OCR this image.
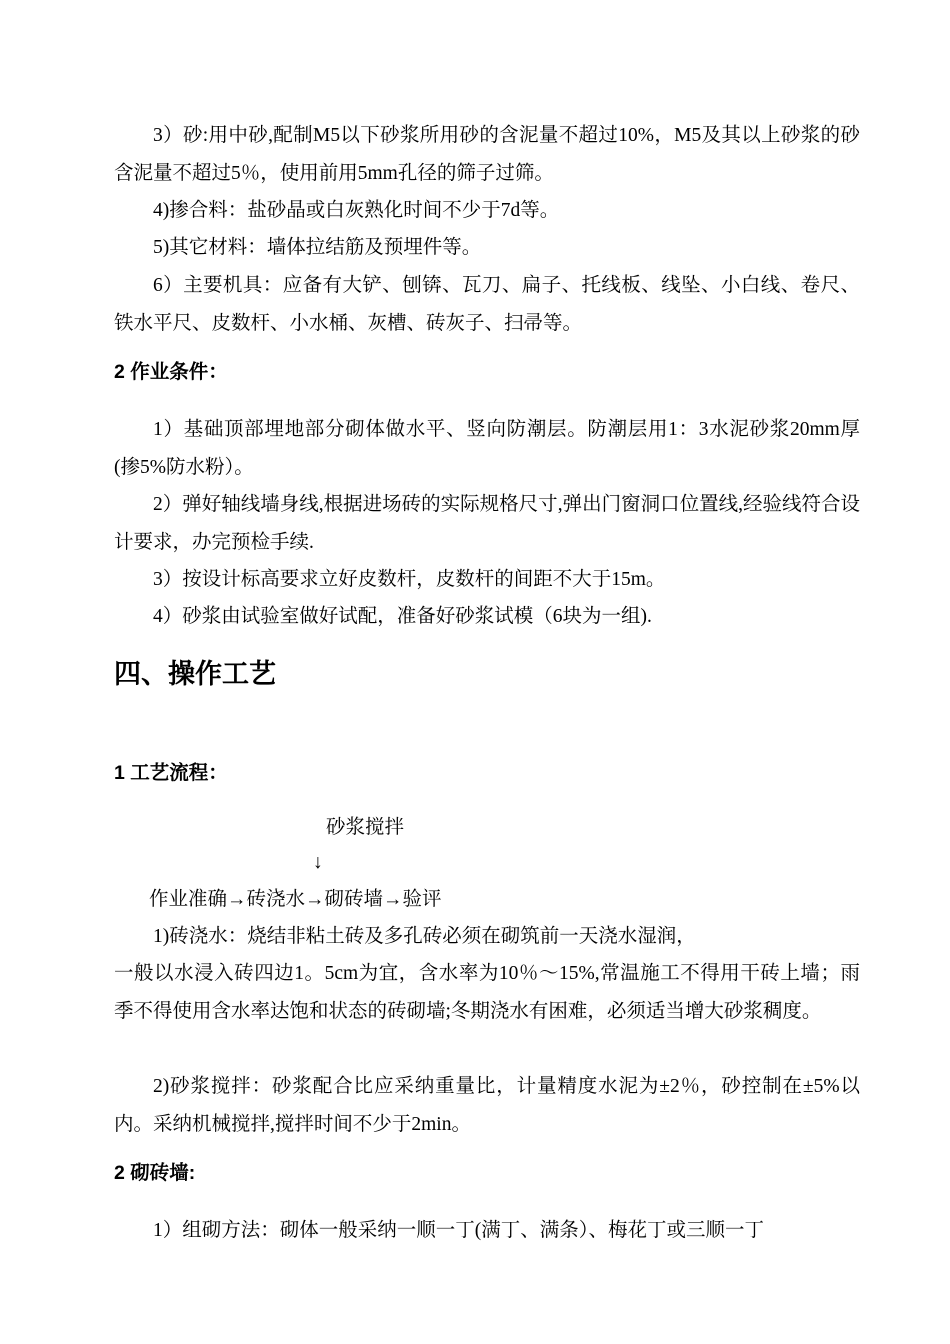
3）砂:用中砂,配制M5以下砂浆所用砂的含泥量不超过10%，M5及其以上砂浆的砂含泥量不超过5％，使用前用5mm孔径的筛子过筛。
4)掺合料：盐砂晶或白灰熟化时间不少于7d等。
5)其它材料：墙体拉结筋及预埋件等。
6）主要机具：应备有大铲、刨锛、瓦刀、扁子、托线板、线坠、小白线、卷尺、铁水平尺、皮数杆、小水桶、灰槽、砖灰子、扫帚等。
2 作业条件：
1）基础顶部埋地部分砌体做水平、竖向防潮层。防潮层用1：3水泥砂浆20mm厚(掺5%防水粉）。
2）弹好轴线墙身线,根据进场砖的实际规格尺寸,弹出门窗洞口位置线,经验线符合设计要求，办完预检手续.
3）按设计标高要求立好皮数杆，皮数杆的间距不大于15m。
4）砂浆由试验室做好试配，准备好砂浆试模（6块为一组).
四、操作工艺
1 工艺流程：
砂浆搅拌
↓
作业准确→砖浇水→砌砖墙→验评
1)砖浇水：烧结非粘土砖及多孔砖必须在砌筑前一天浇水湿润，
一般以水浸入砖四边1。5cm为宜，含水率为10％～15%,常温施工不得用干砖上墙；雨季不得使用含水率达饱和状态的砖砌墙;冬期浇水有困难，必须适当增大砂浆稠度。
2)砂浆搅拌：砂浆配合比应采纳重量比，计量精度水泥为±2％，砂控制在±5%以内。采纳机械搅拌,搅拌时间不少于2min。
2 砌砖墙:
1）组砌方法：砌体一般采纳一顺一丁(满丁、满条）、梅花丁或三顺一丁
